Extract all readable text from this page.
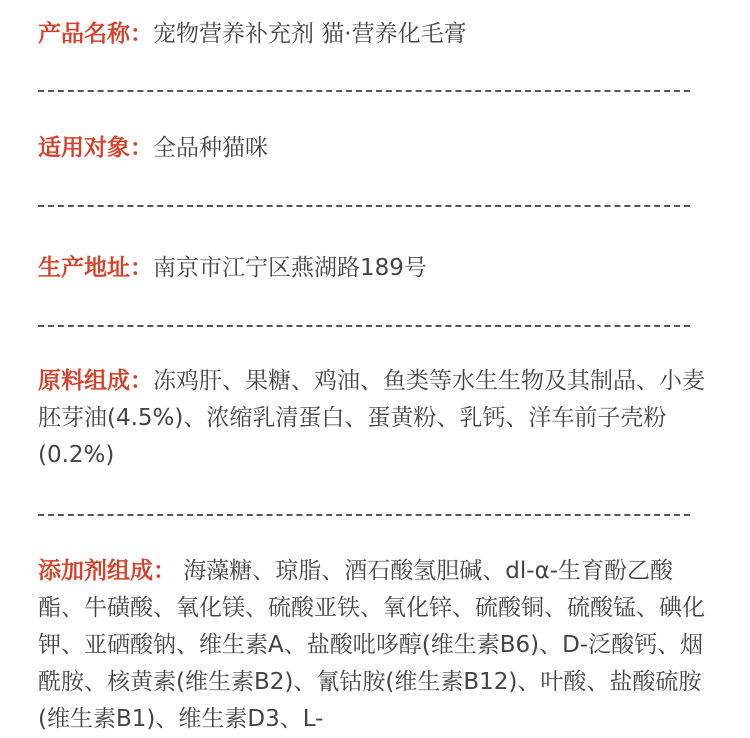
产品名称：宠物营养补充剂 猫·营养化毛膏
适用对象：全品种猫咪
生产地址：南京市江宁区燕湖路189号
原料组成：冻鸡肝、果糖、鸡油、鱼类等水生生物及其制品、小麦胚芽油(4.5%)、浓缩乳清蛋白、蛋黄粉、乳钙、洋车前子壳粉(0.2%)
添加剂组成： 海藻糖、琼脂、酒石酸氢胆碱、dl-α-生育酚乙酸酯、牛磺酸、氧化镁、硫酸亚铁、氧化锌、硫酸铜、硫酸锰、碘化钾、亚硒酸钠、维生素A、盐酸吡哆醇(维生素B6)、D-泛酸钙、烟酰胺、核黄素(维生素B2)、氰钴胺(维生素B12)、叶酸、盐酸硫胺(维生素B1)、维生素D3、L-
